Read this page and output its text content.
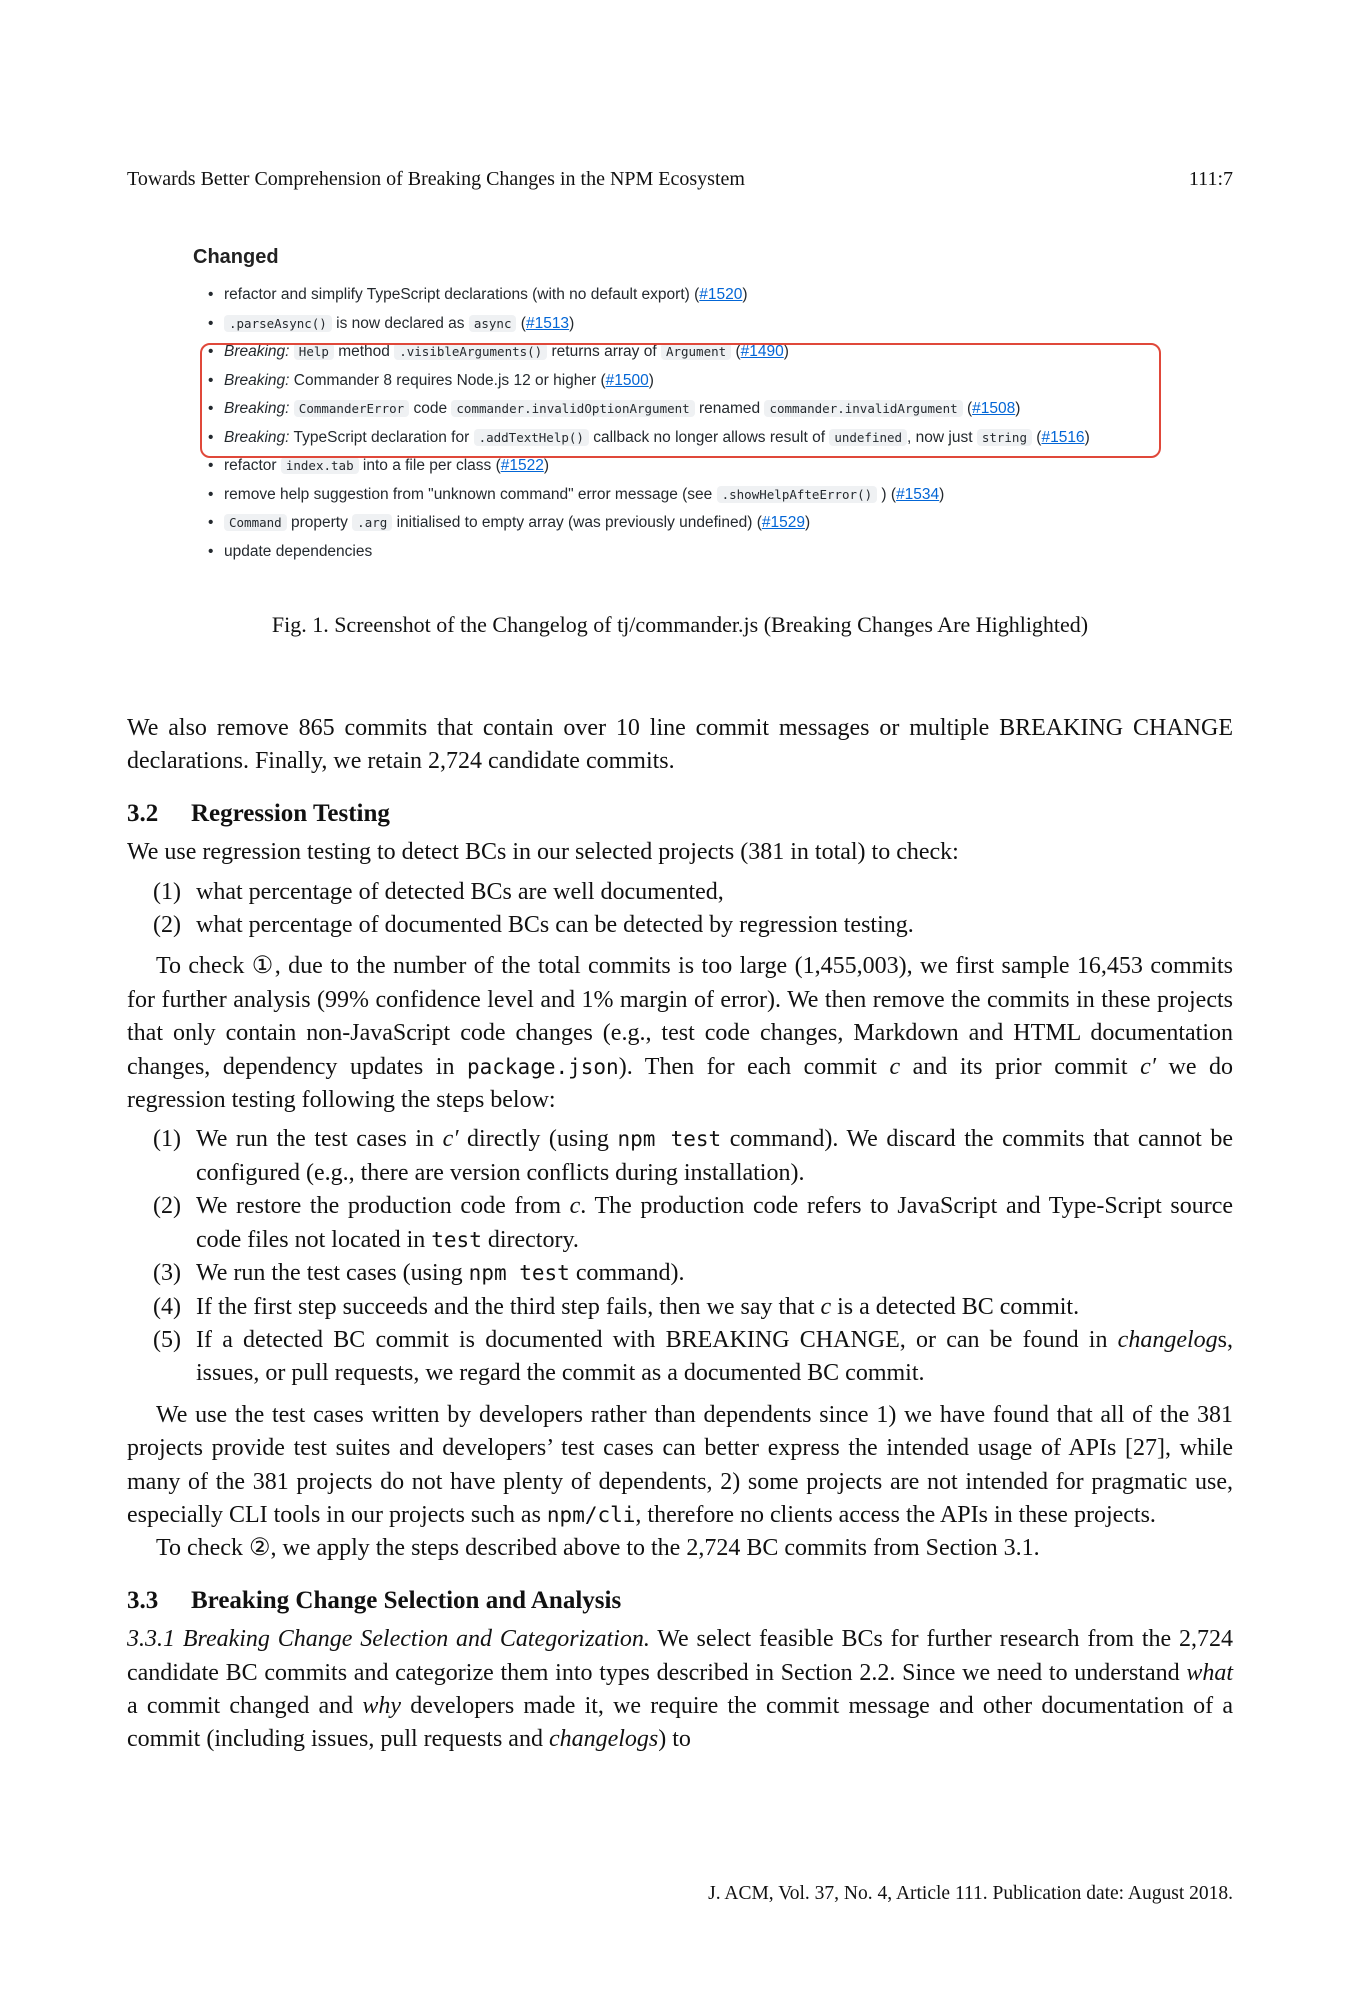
Towards Better Comprehension of Breaking Changes in the NPM Ecosystem	111:7
Changed
• refactor and simplify TypeScript declarations (with no default export) (#1520)
• .parseAsync() is now declared as async (#1513)
• Breaking: Help method .visibleArguments() returns array of Argument (#1490)
• Breaking: Commander 8 requires Node.js 12 or higher (#1500)
• Breaking: CommanderError code commander.invalidOptionArgument renamed commander.invalidArgument (#1508)
• Breaking: TypeScript declaration for .addTextHelp() callback no longer allows result of undefined , now just string (#1516)
• refactor index.tab into a file per class (#1522)
• remove help suggestion from "unknown command" error message (see .showHelpAfteError() ) (#1534)
• Command property .arg initialised to empty array (was previously undefined) (#1529)
• update dependencies
Fig. 1. Screenshot of the Changelog of tj/commander.js (Breaking Changes Are Highlighted)

We also remove 865 commits that contain over 10 line commit messages or multiple BREAKING CHANGE declarations. Finally, we retain 2,724 candidate commits.

3.2 Regression Testing

We use regression testing to detect BCs in our selected projects (381 in total) to check:

(1) what percentage of detected BCs are well documented,
(2) what percentage of documented BCs can be detected by regression testing.

To check ①, due to the number of the total commits is too large (1,455,003), we first sample 16,453 commits for further analysis (99% confidence level and 1% margin of error). We then remove the commits in these projects that only contain non-JavaScript code changes (e.g., test code changes, Markdown and HTML documentation changes, dependency updates in package.json). Then for each commit c and its prior commit c′ we do regression testing following the steps below:

(1) We run the test cases in c′ directly (using npm test command). We discard the commits that cannot be configured (e.g., there are version conflicts during installation).
(2) We restore the production code from c. The production code refers to JavaScript and Type-Script source code files not located in test directory.
(3) We run the test cases (using npm test command).
(4) If the first step succeeds and the third step fails, then we say that c is a detected BC commit.
(5) If a detected BC commit is documented with BREAKING CHANGE, or can be found in changelogs, issues, or pull requests, we regard the commit as a documented BC commit.

We use the test cases written by developers rather than dependents since 1) we have found that all of the 381 projects provide test suites and developers’ test cases can better express the intended usage of APIs [27], while many of the 381 projects do not have plenty of dependents, 2) some projects are not intended for pragmatic use, especially CLI tools in our projects such as npm/cli, therefore no clients access the APIs in these projects.

To check ②, we apply the steps described above to the 2,724 BC commits from Section 3.1.

3.3 Breaking Change Selection and Analysis

3.3.1 Breaking Change Selection and Categorization. We select feasible BCs for further research from the 2,724 candidate BC commits and categorize them into types described in Section 2.2. Since we need to understand what a commit changed and why developers made it, we require the commit message and other documentation of a commit (including issues, pull requests and changelogs) to

J. ACM, Vol. 37, No. 4, Article 111. Publication date: August 2018.
